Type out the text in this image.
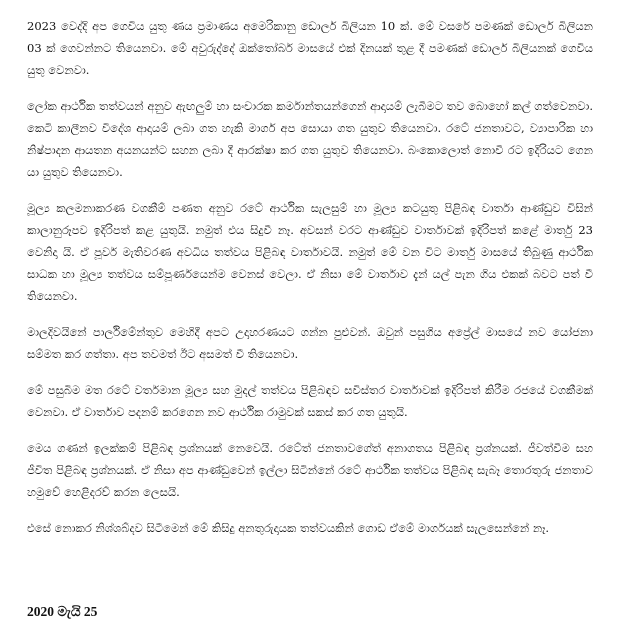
2023 වෙද්දි අප ගෙවිය යුතු ණය ප්‍රමාණය අමෙරිකානු ඩොලර් බිලියන 10 ක්. මේ වසරේ පමණක් ඩොලර් බිලියන 03 ක් ගෙවන්නට තියෙනවා. මේ අවුරුද්දේ ඔක්තෝබර් මාසයේ එක් දිනයක් තුළ දී පමණක් ඩොලර් බිලියනක් ගෙවිය යුතු වෙනවා.

ලෝක ආර්ථික තත්වයන් අනුව ඇඟලුම් හා සංචාරක කර්මාන්තයන්ගෙන් ආදායම් ලැබීමට තව බොහෝ කල් ගත්වෙනවා. කෙටි කාලීනව විදේශ ආදායම් ලබා ගත හැකි මාර්ග අප සොයා ගත යුතුව තියෙනවා. රටේ ජනතාවට, ව්‍යාපාරික හා නිෂ්පාදන ආයතන අයනයන්ට සහන ලබා දී ආරක්ෂා කර ගත යුතුව තියෙනවා. බංකොලොත් නොවී රට ඉදිරියට ගෙන යා යුතුව තියෙනවා.

මූල්‍ය කලමනාකරණ වගකීම් පණත අනුව රටේ ආර්ථික සැලසුම් හා මූල්‍ය කටයුතු පිළිබඳ වාර්තා ආණ්ඩුව විසින් කාලානුරූපව ඉදිරිපත් කළ යුතුයි. නමුත් එය සිදුවී නෑ. අවසන් වරට ආණ්ඩුව වාර්තාවක් ඉදිරිපත් කළේ මාර්තු 23 වෙනිදා යි. ඒ පූර්ව මැතිවරණ අවධිය තත්වය පිළිබඳ වාර්තාවයි. නමුත් මේ වන විට මාර්තු මාසයේ තිබුණු ආර්ථික සාධක හා මූල්‍ය තත්වය සම්පූර්ණයෙන්ම වෙනස් වෙලා. ඒ නිසා මේ වාර්තාව දැන් යල් පැන ගිය එකක් බවට පත් වී තියෙනවා.

මාලදිවයිනේ පාර්ලිමේන්තුව මෙහිදී අපට උදාහරණයට ගන්න පුළුවන්. ඔවුන් පසුගිය අප්‍රේල් මාසයේ නව යෝජනා සම්මත කර ගත්තා. අප තවමත් ඊට අසමත් වී තියෙනවා.

මේ පසුබිම මත රටේ වර්තමාන මූල්‍ය සහ මුදල් තත්වය පිළිබඳව සවිස්තර වාර්තාවක් ඉදිරිපත් කිරීම රජයේ වගකීමක් වෙනවා. ඒ වාර්තාව පදනම් කරගෙන නව ආර්ථික රාමුවක් සකස් කර ගත යුතුයි.

මෙය ගණන් ඉලක්කම් පිළිබඳ ප්‍රශ්නයක් නෙවෙයි. රටේත් ජනතාවගේත් අනාගතය පිළිබඳ ප්‍රශ්නයක්. ජීවත්වීම සහ ජීවිත පිළිබඳ ප්‍රශ්නයක්. ඒ නිසා අප ආණ්ඩුවෙන් ඉල්ලා සිටින්නේ රටේ ආර්ථික තත්වය පිළිබඳ සැබෑ තොරතුරු ජනතාව හමුවේ හෙළිදරව් කරන ලෙසයි.

එසේ නොකර නිශ්ශබ්දව සිටීමෙන් මේ කිසිදු අනතුරුදායක තත්වයකින් ගොඩ ඒමේ මාර්ගයක් සැලසෙන්නේ නෑ.

2020 මැයි 25
